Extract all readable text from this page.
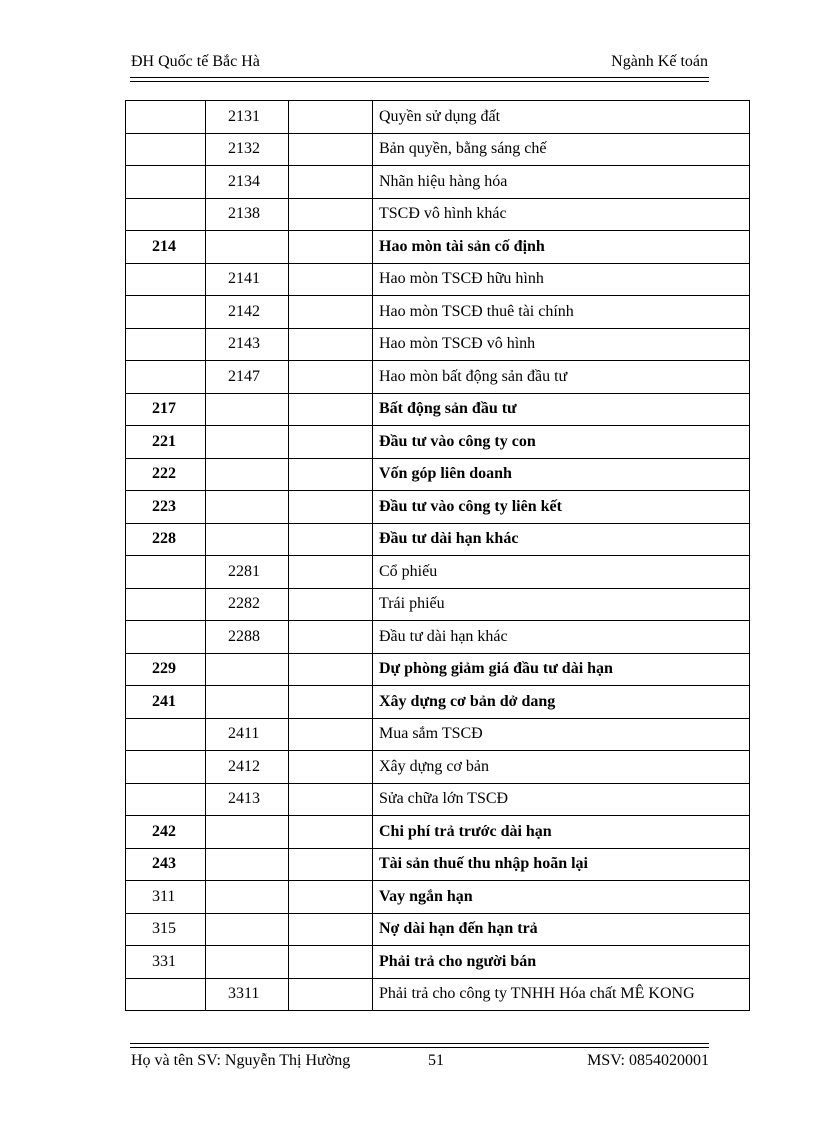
ĐH Quốc tế Bắc Hà	Ngành Kế toán
	2131		Quyền sử dụng đất
	2132		Bản quyền, bằng sáng chế
	2134		Nhãn hiệu hàng hóa
	2138		TSCĐ vô hình khác
214			Hao mòn tài sản cố định
	2141		Hao mòn TSCĐ hữu hình
	2142		Hao mòn TSCĐ thuê tài chính
	2143		Hao mòn TSCĐ vô hình
	2147		Hao mòn bất động sản đầu tư
217			Bất động sản đầu tư
221			Đầu tư vào công ty con
222			Vốn góp liên doanh
223			Đầu tư vào công ty liên kết
228			Đầu tư dài hạn khác
	2281		Cổ phiếu
	2282		Trái phiếu
	2288		Đầu tư dài hạn khác
229			Dự phòng giảm giá đầu tư dài hạn
241			Xây dựng cơ bản dở dang
	2411		Mua sắm TSCĐ
	2412		Xây dựng cơ bản
	2413		Sửa chữa lớn TSCĐ
242			Chi phí trả trước dài hạn
243			Tài sản thuế thu nhập hoãn lại
311			Vay ngắn hạn
315			Nợ dài hạn đến hạn trả
331			Phải trả cho người bán
	3311		Phải trả cho công ty TNHH Hóa chất MÊ KONG
Họ và tên SV: Nguyễn Thị Hường	51	MSV: 0854020001
